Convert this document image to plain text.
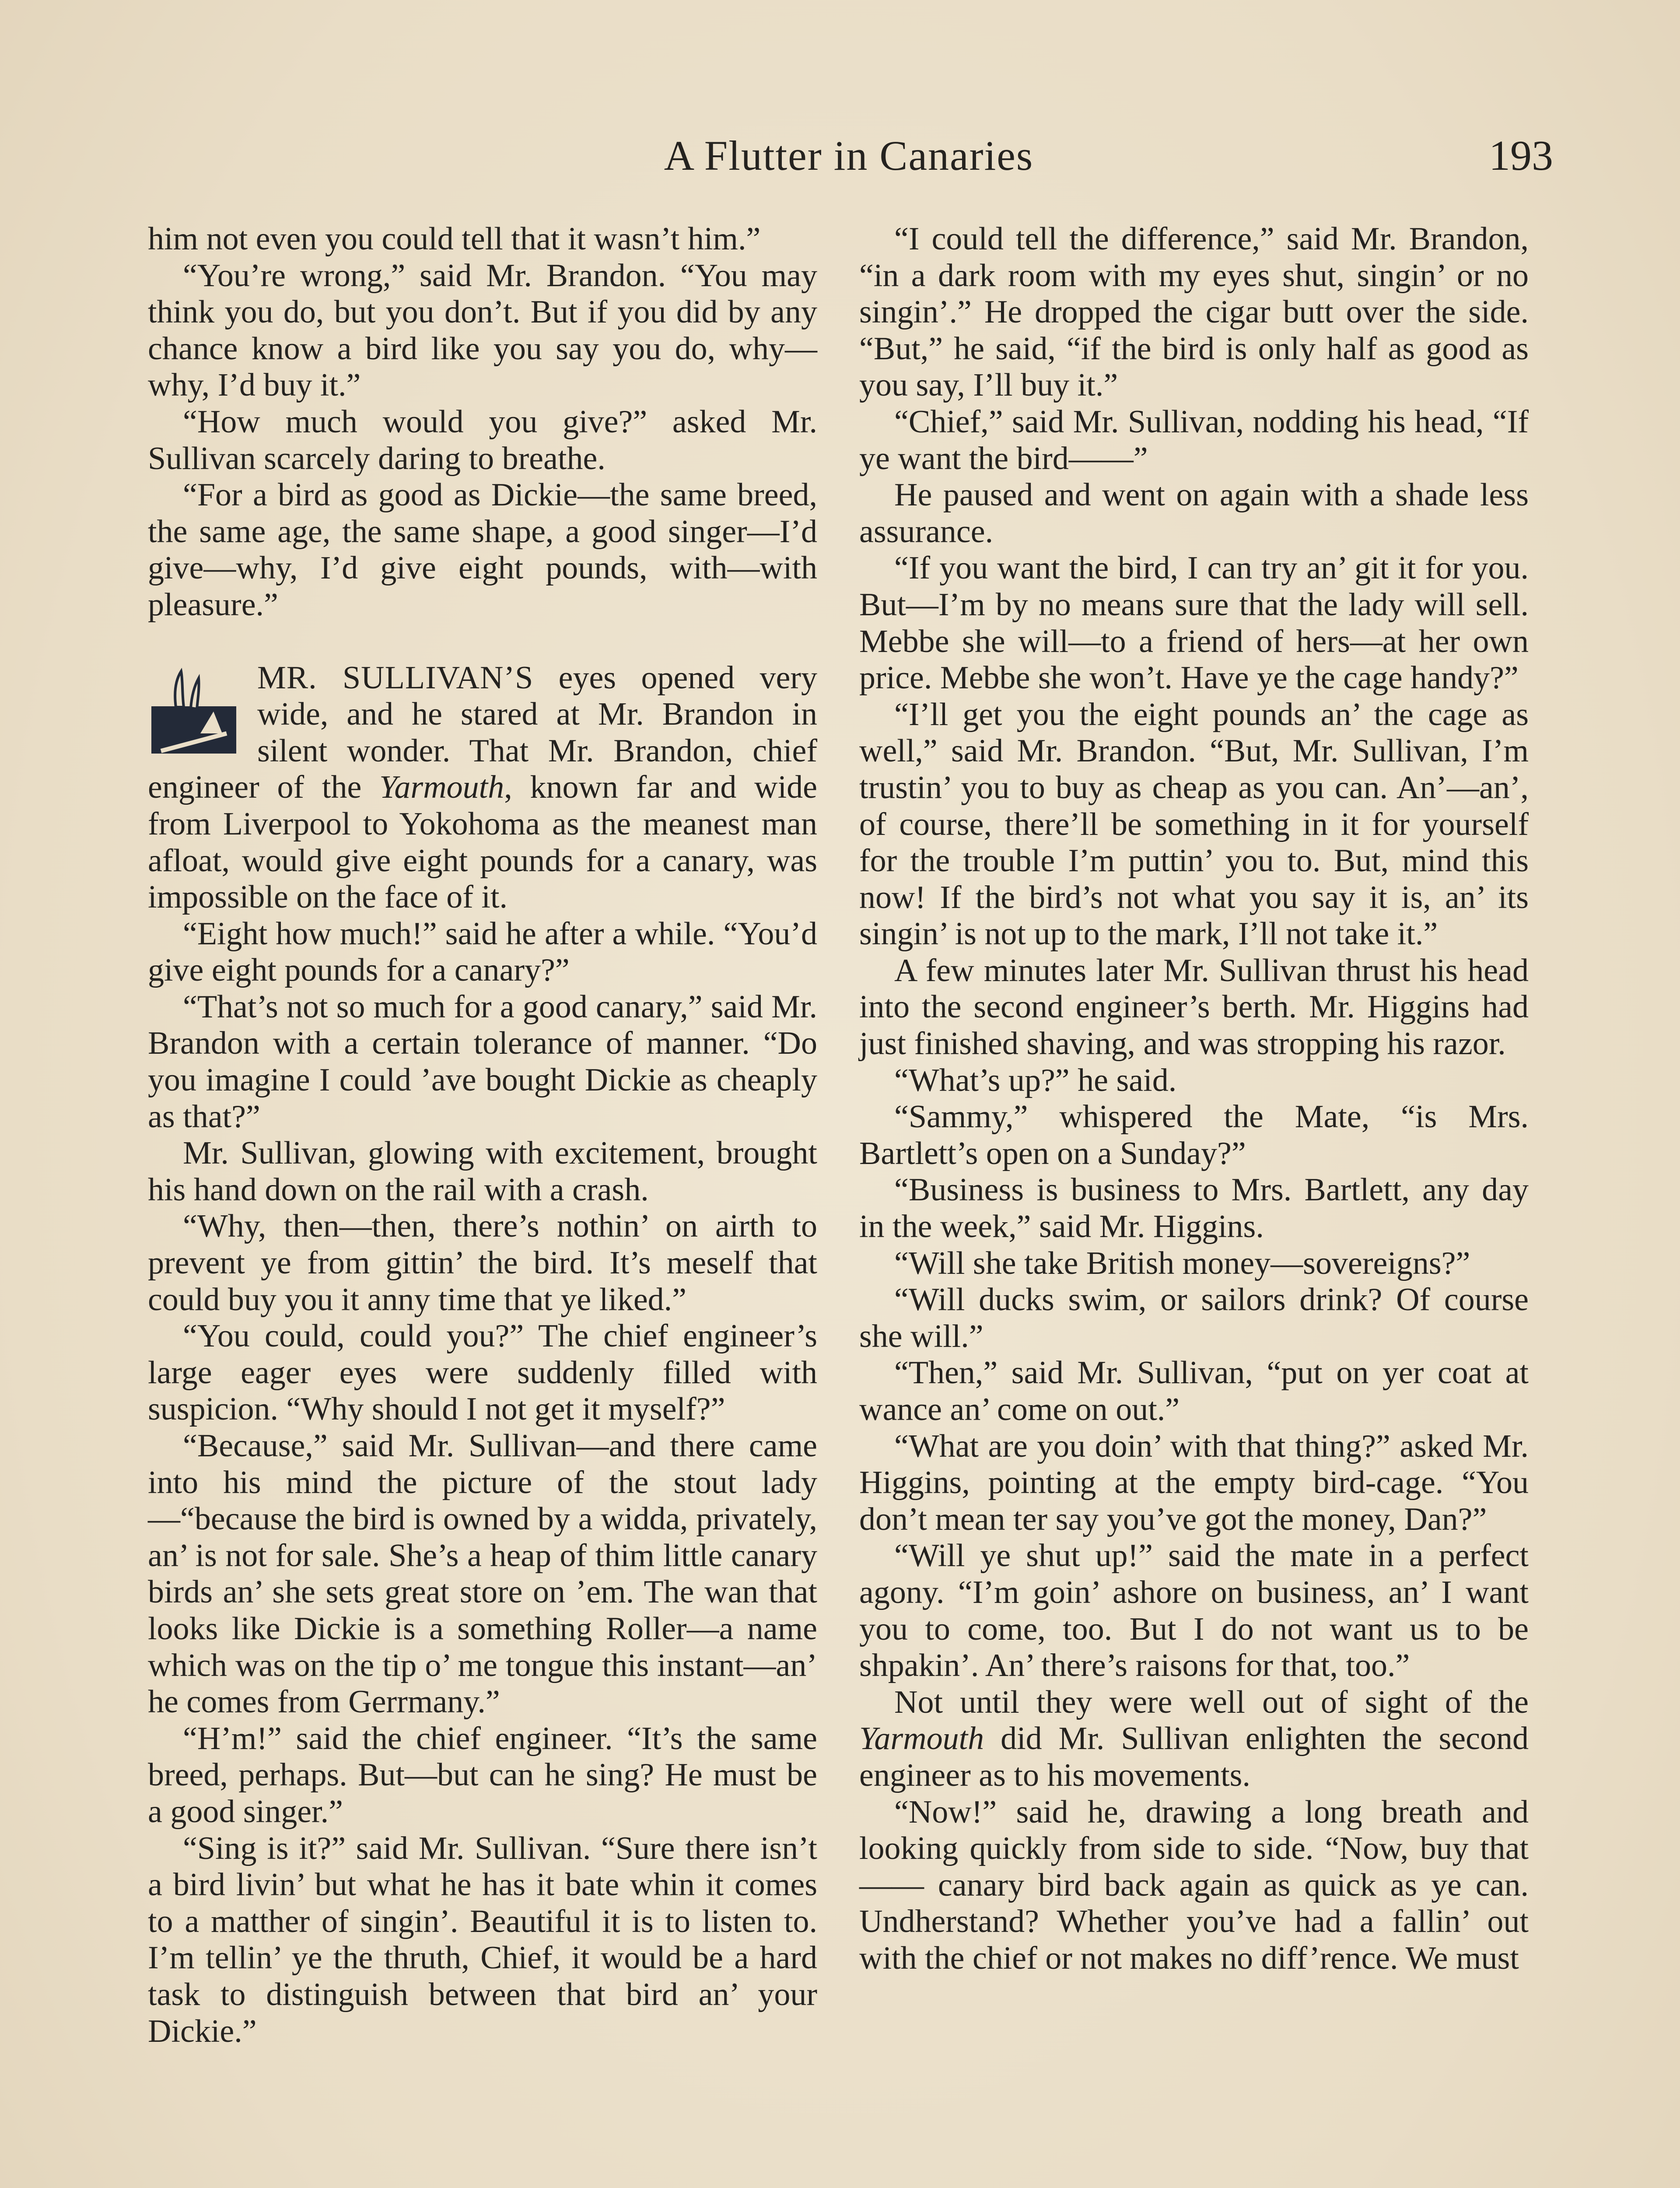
A Flutter in Canaries	193

him not even you could tell that it wasn’t him.”

“You’re wrong,” said Mr. Brandon. “You may think you do, but you don’t. But if you did by any chance know a bird like you say you do, why—why, I’d buy it.”

“How much would you give?” asked Mr. Sullivan scarcely daring to breathe.

“For a bird as good as Dickie—the same breed, the same age, the same shape, a good singer—I’d give—why, I’d give eight pounds, with—with pleasure.”

MR. SULLIVAN’S eyes opened very wide, and he stared at Mr. Brandon in silent wonder. That Mr. Brandon, chief engineer of the Yarmouth, known far and wide from Liverpool to Yokohoma as the meanest man afloat, would give eight pounds for a canary, was impossible on the face of it.

“Eight how much!” said he after a while. “You’d give eight pounds for a canary?”

“That’s not so much for a good canary,” said Mr. Brandon with a certain tolerance of manner. “Do you imagine I could ’ave bought Dickie as cheaply as that?”

Mr. Sullivan, glowing with excitement, brought his hand down on the rail with a crash.

“Why, then—then, there’s nothin’ on airth to prevent ye from gittin’ the bird. It’s meself that could buy you it anny time that ye liked.”

“You could, could you?” The chief engineer’s large eager eyes were suddenly filled with suspicion. “Why should I not get it myself?”

“Because,” said Mr. Sullivan—and there came into his mind the picture of the stout lady—“because the bird is owned by a widda, privately, an’ is not for sale. She’s a heap of thim little canary birds an’ she sets great store on ’em. The wan that looks like Dickie is a something Roller—a name which was on the tip o’ me tongue this instant—an’ he comes from Gerrmany.”

“H’m!” said the chief engineer. “It’s the same breed, perhaps. But—but can he sing? He must be a good singer.”

“Sing is it?” said Mr. Sullivan. “Sure there isn’t a bird livin’ but what he has it bate whin it comes to a matther of singin’. Beautiful it is to listen to. I’m tellin’ ye the thruth, Chief, it would be a hard task to distinguish between that bird an’ your Dickie.”

“I could tell the difference,” said Mr. Brandon, “in a dark room with my eyes shut, singin’ or no singin’.” He dropped the cigar butt over the side. “But,” he said, “if the bird is only half as good as you say, I’ll buy it.”

“Chief,” said Mr. Sullivan, nodding his head, “If ye want the bird——”

He paused and went on again with a shade less assurance.

“If you want the bird, I can try an’ git it for you. But—I’m by no means sure that the lady will sell. Mebbe she will—to a friend of hers—at her own price. Mebbe she won’t. Have ye the cage handy?”

“I’ll get you the eight pounds an’ the cage as well,” said Mr. Brandon. “But, Mr. Sullivan, I’m trustin’ you to buy as cheap as you can. An’—an’, of course, there’ll be something in it for yourself for the trouble I’m puttin’ you to. But, mind this now! If the bird’s not what you say it is, an’ its singin’ is not up to the mark, I’ll not take it.”

A few minutes later Mr. Sullivan thrust his head into the second engineer’s berth. Mr. Higgins had just finished shaving, and was stropping his razor.

“What’s up?” he said.

“Sammy,” whispered the Mate, “is Mrs. Bartlett’s open on a Sunday?”

“Business is business to Mrs. Bartlett, any day in the week,” said Mr. Higgins.

“Will she take British money—sovereigns?”

“Will ducks swim, or sailors drink? Of course she will.”

“Then,” said Mr. Sullivan, “put on yer coat at wance an’ come on out.”

“What are you doin’ with that thing?” asked Mr. Higgins, pointing at the empty bird-cage. “You don’t mean ter say you’ve got the money, Dan?”

“Will ye shut up!” said the mate in a perfect agony. “I’m goin’ ashore on business, an’ I want you to come, too. But I do not want us to be shpakin’. An’ there’s raisons for that, too.”

Not until they were well out of sight of the Yarmouth did Mr. Sullivan enlighten the second engineer as to his movements.

“Now!” said he, drawing a long breath and looking quickly from side to side. “Now, buy that —— canary bird back again as quick as ye can. Undherstand? Whether you’ve had a fallin’ out with the chief or not makes no diff’rence. We must
